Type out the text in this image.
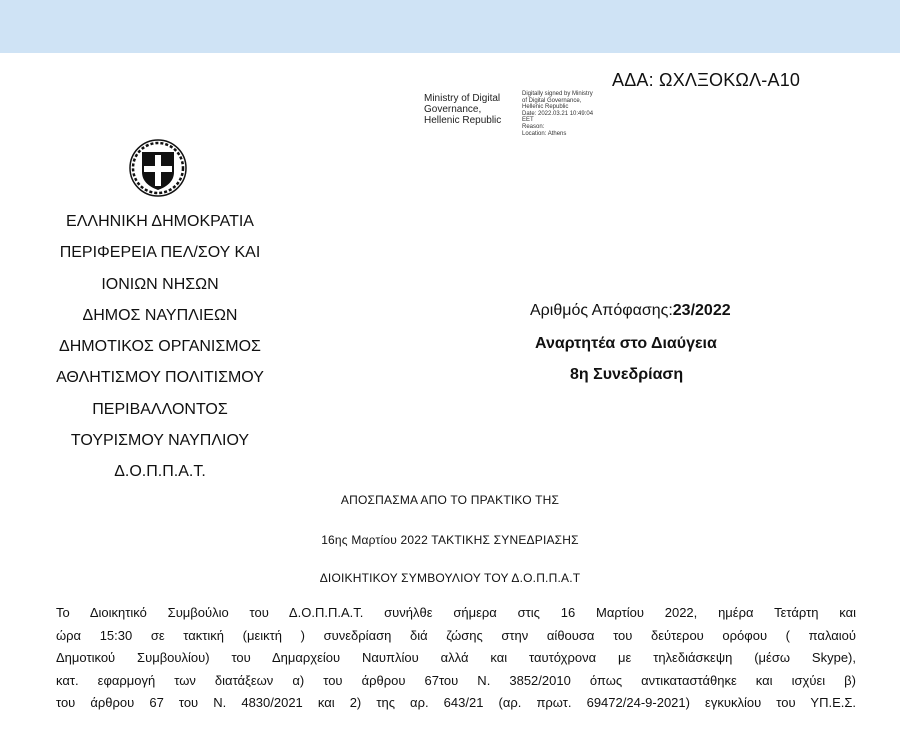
ΑΔΑ: ΩΧΛΞΟΚΩΛ-Α10
Ministry of Digital
Governance,
Hellenic Republic
Digitally signed by Ministry
of Digital Governance,
Hellenic Republic
Date: 2022.03.21 10:49:04
EET
Reason:
Location: Athens
ΕΛΛΗΝΙΚΗ ΔΗΜΟΚΡΑΤΙΑ
ΠΕΡΙΦΕΡΕΙΑ ΠΕΛ/ΣΟΥ ΚΑΙ
ΙΟΝΙΩΝ ΝΗΣΩΝ
ΔΗΜΟΣ ΝΑΥΠΛΙΕΩΝ
ΔΗΜΟΤΙΚΟΣ ΟΡΓΑΝΙΣΜΟΣ
ΑΘΛΗΤΙΣΜΟΥ ΠΟΛΙΤΙΣΜΟΥ
ΠΕΡΙΒΑΛΛΟΝΤΟΣ
ΤΟΥΡΙΣΜΟΥ ΝΑΥΠΛΙΟΥ
Δ.Ο.Π.Π.Α.Τ.
Αριθμός Απόφασης:23/2022
Αναρτητέα στο Διαύγεια
8η Συνεδρίαση
ΑΠΟΣΠΑΣΜΑ ΑΠΟ ΤΟ ΠΡΑΚΤΙΚΟ ΤΗΣ
16ης Μαρτίου 2022 ΤΑΚΤΙΚΗΣ ΣΥΝΕΔΡΙΑΣΗΣ
ΔΙΟΙΚΗΤΙΚΟΥ ΣΥΜΒΟΥΛΙΟΥ ΤΟΥ Δ.Ο.Π.Π.Α.Τ
Το Διοικητικό Συμβούλιο του Δ.Ο.Π.Π.Α.Τ. συνήλθε σήμερα στις 16 Μαρτίου 2022, ημέρα Τετάρτη και
ώρα 15:30 σε τακτική (μεικτή ) συνεδρίαση διά ζώσης στην αίθουσα του δεύτερου ορόφου ( παλαιού
Δημοτικού Συμβουλίου) του Δημαρχείου Ναυπλίου αλλά και ταυτόχρονα με τηλεδιάσκεψη (μέσω Skype),
κατ. εφαρμογή των διατάξεων α) του άρθρου 67του Ν. 3852/2010 όπως αντικαταστάθηκε και ισχύει β)
του άρθρου 67 του Ν. 4830/2021 και 2) της αρ. 643/21 (αρ. πρωτ. 69472/24-9-2021) εγκυκλίου του ΥΠ.Ε.Σ.
